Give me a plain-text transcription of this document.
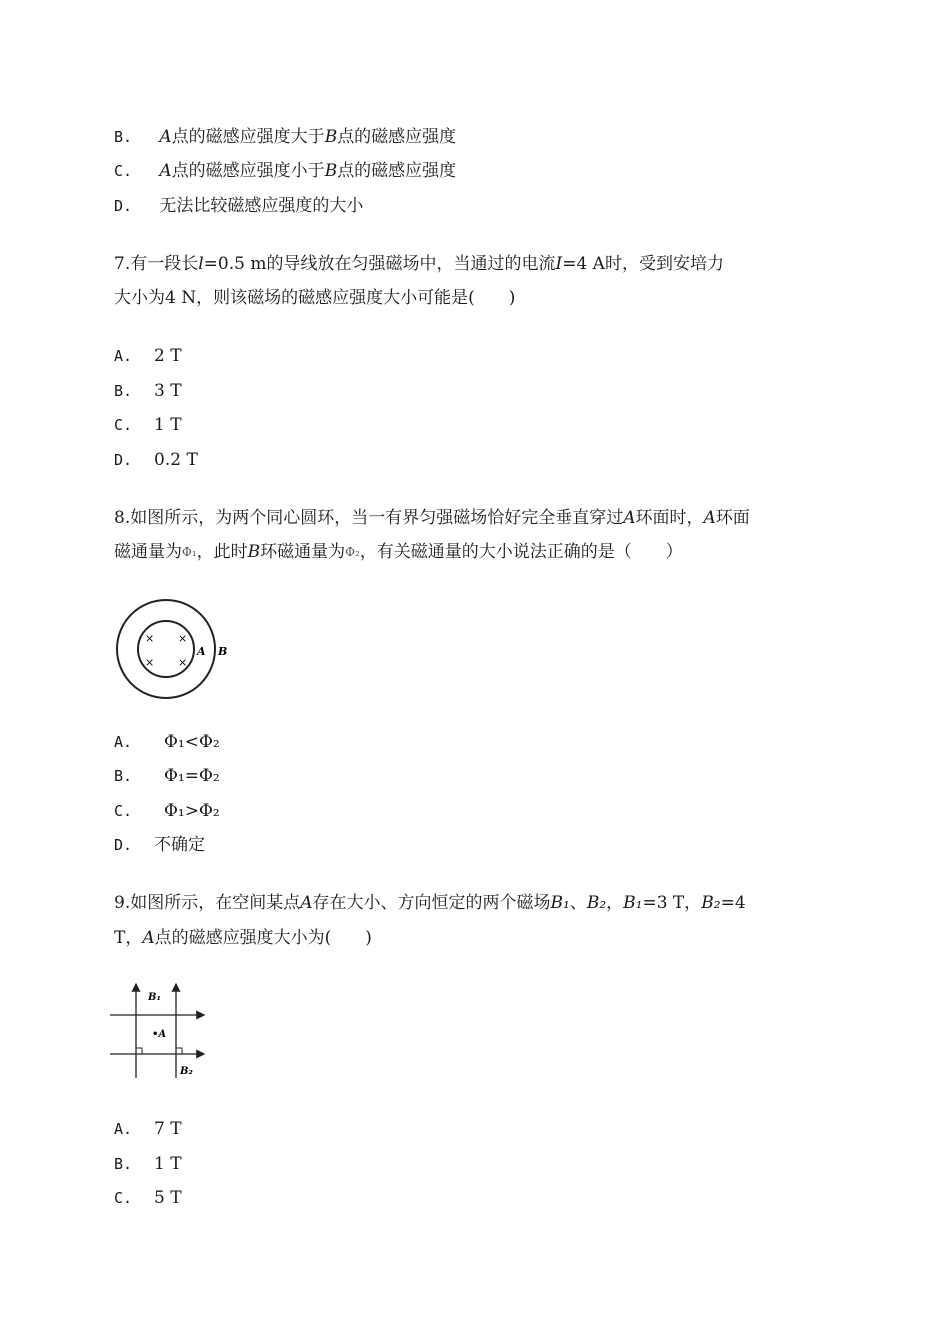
B. A点的磁感应强度大于B点的磁感应强度
C. A点的磁感应强度小于B点的磁感应强度
D. 无法比较磁感应强度的大小
7.有一段长l=0.5 m的导线放在匀强磁场中，当通过的电流I=4 A时，受到安培力
大小为4 N，则该磁场的磁感应强度大小可能是(　　)
A. 2 T
B. 3 T
C. 1 T
D. 0.2 T
8.如图所示，为两个同心圆环，当一有界匀强磁场恰好完全垂直穿过A环面时，A环面
磁通量为Φ₁，此时B环磁通量为Φ₂，有关磁通量的大小说法正确的是（　　）
× ×
× ×
A B
A. Φ₁<Φ₂
B. Φ₁=Φ₂
C. Φ₁>Φ₂
D. 不确定
9.如图所示，在空间某点A存在大小、方向恒定的两个磁场B₁、B₂，B₁=3 T，B₂=4
T，A点的磁感应强度大小为(　　)
B₁
•A
B₂
A. 7 T
B. 1 T
C. 5 T
